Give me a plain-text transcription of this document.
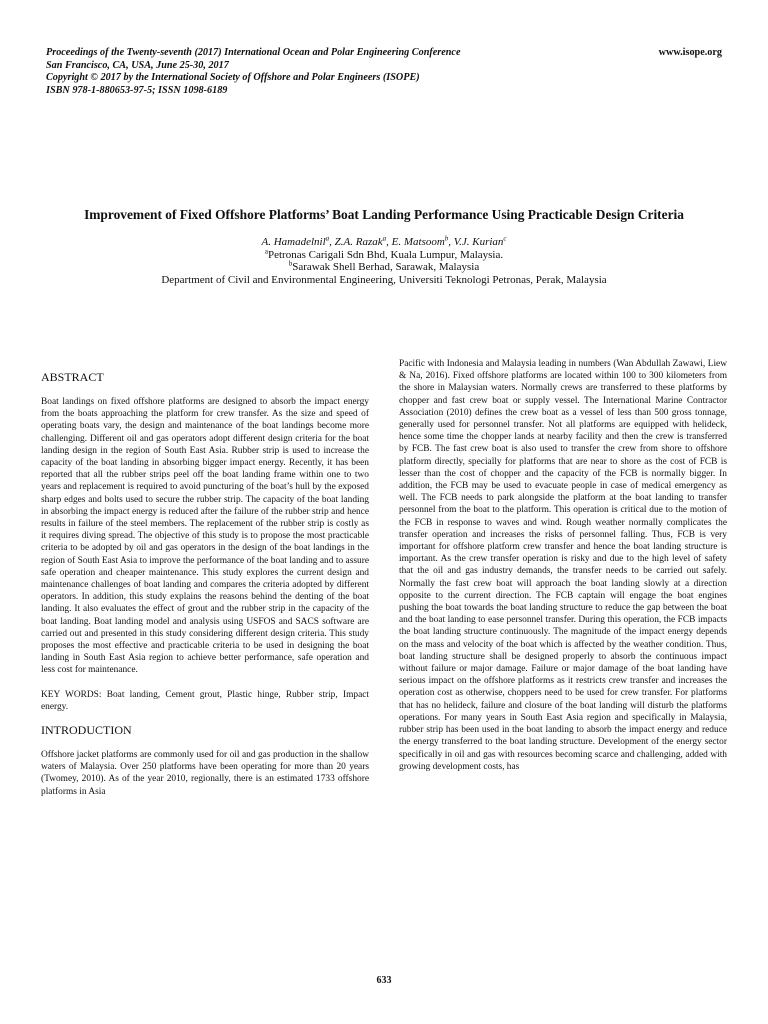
Proceedings of the Twenty-seventh (2017) International Ocean and Polar Engineering Conference
San Francisco, CA, USA, June 25-30, 2017
Copyright © 2017 by the International Society of Offshore and Polar Engineers (ISOPE)
ISBN 978-1-880653-97-5; ISSN 1098-6189
www.isope.org
Improvement of Fixed Offshore Platforms’ Boat Landing Performance Using Practicable Design Criteria
A. Hamadelnil$^a$, Z.A. Razak$^a$, E. Matsoom$^b$, V.J. Kurian$^c$
$^a$Petronas Carigali Sdn Bhd, Kuala Lumpur, Malaysia.
$^b$Sarawak Shell Berhad, Sarawak, Malaysia
Department of Civil and Environmental Engineering, Universiti Teknologi Petronas, Perak, Malaysia

ABSTRACT

Boat landings on fixed offshore platforms are designed to absorb the impact energy from the boats approaching the platform for crew transfer. As the size and speed of operating boats vary, the design and maintenance of the boat landings become more challenging. Different oil and gas operators adopt different design criteria for the boat landing design in the region of South East Asia. Rubber strip is used to increase the capacity of the boat landing in absorbing bigger impact energy. Recently, it has been reported that all the rubber strips peel off the boat landing frame within one to two years and replacement is required to avoid puncturing of the boat’s hull by the exposed sharp edges and bolts used to secure the rubber strip. The capacity of the boat landing in absorbing the impact energy is reduced after the failure of the rubber strip and hence results in failure of the steel members. The replacement of the rubber strip is costly as it requires diving spread. The objective of this study is to propose the most practicable criteria to be adopted by oil and gas operators in the design of the boat landings in the region of South East Asia to improve the performance of the boat landing and to assure safe operation and cheaper maintenance. This study explores the current design and maintenance challenges of boat landing and compares the criteria adopted by different operators. In addition, this study explains the reasons behind the denting of the boat landing. It also evaluates the effect of grout and the rubber strip in the capacity of the boat landing. Boat landing model and analysis using USFOS and SACS software are carried out and presented in this study considering different design criteria. This study proposes the most effective and practicable criteria to be used in designing the boat landing in South East Asia region to achieve better performance, safe operation and less cost for maintenance.

KEY WORDS: Boat landing, Cement grout, Plastic hinge, Rubber strip, Impact energy.

INTRODUCTION

Offshore jacket platforms are commonly used for oil and gas production in the shallow waters of Malaysia. Over 250 platforms have been operating for more than 20 years (Twomey, 2010). As of the year 2010, regionally, there is an estimated 1733 offshore platforms in Asia

Pacific with Indonesia and Malaysia leading in numbers (Wan Abdullah Zawawi, Liew & Na, 2016). Fixed offshore platforms are located within 100 to 300 kilometers from the shore in Malaysian waters. Normally crews are transferred to these platforms by chopper and fast crew boat or supply vessel. The International Marine Contractor Association (2010) defines the crew boat as a vessel of less than 500 gross tonnage, generally used for personnel transfer. Not all platforms are equipped with helideck, hence some time the chopper lands at nearby facility and then the crew is transferred by FCB. The fast crew boat is also used to transfer the crew from shore to offshore platform directly, specially for platforms that are near to shore as the cost of FCB is lesser than the cost of chopper and the capacity of the FCB is normally bigger. In addition, the FCB may be used to evacuate people in case of medical emergency as well. The FCB needs to park alongside the platform at the boat landing to transfer personnel from the boat to the platform. This operation is critical due to the motion of the FCB in response to waves and wind. Rough weather normally complicates the transfer operation and increases the risks of personnel falling. Thus, FCB is very important for offshore platform crew transfer and hence the boat landing structure is important. As the crew transfer operation is risky and due to the high level of safety that the oil and gas industry demands, the transfer needs to be carried out safely. Normally the fast crew boat will approach the boat landing slowly at a direction opposite to the current direction. The FCB captain will engage the boat engines pushing the boat towards the boat landing structure to reduce the gap between the boat and the boat landing to ease personnel transfer. During this operation, the FCB impacts the boat landing structure continuously. The magnitude of the impact energy depends on the mass and velocity of the boat which is affected by the weather condition. Thus, boat landing structure shall be designed properly to absorb the continuous impact without failure or major damage. Failure or major damage of the boat landing have serious impact on the offshore platforms as it restricts crew transfer and increases the operation cost as otherwise, choppers need to be used for crew transfer. For platforms that has no helideck, failure and closure of the boat landing will disturb the platforms operations. For many years in South East Asia region and specifically in Malaysia, rubber strip has been used in the boat landing to absorb the impact energy and reduce the energy transferred to the boat landing structure. Development of the energy sector specifically in oil and gas with resources becoming scarce and challenging, added with growing development costs, has

633
